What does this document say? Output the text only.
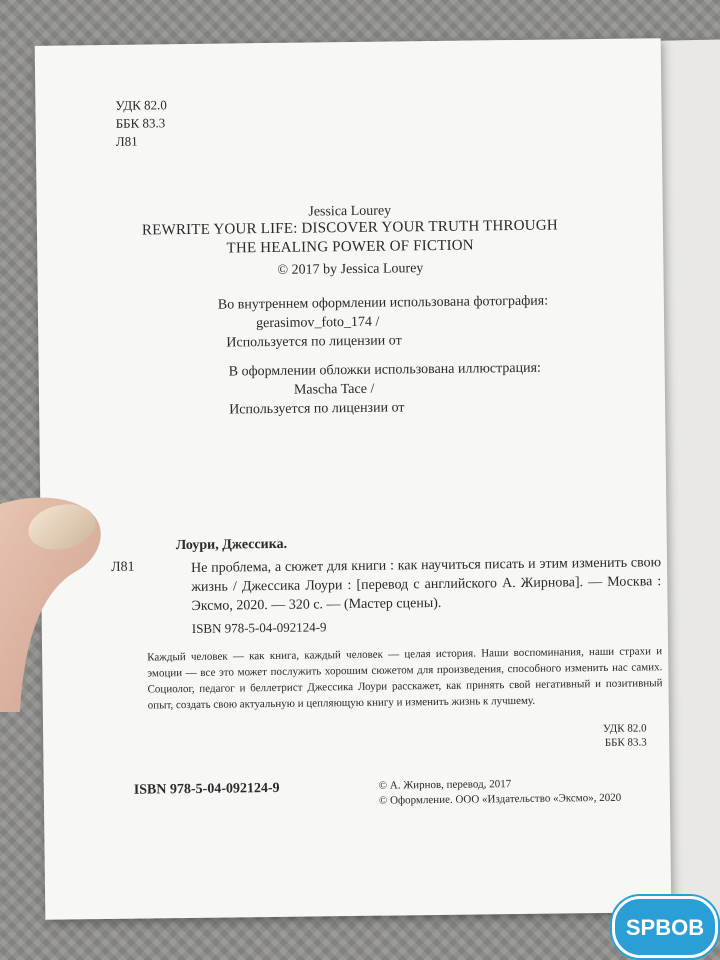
УДК 82.0
ББК 83.3
Л81
Jessica Lourey
REWRITE YOUR LIFE: DISCOVER YOUR TRUTH THROUGH
THE HEALING POWER OF FICTION
© 2017 by Jessica Lourey
Во внутреннем оформлении использована фотография:
gerasimov_foto_174 /
Используется по лицензии от
В оформлении обложки использована иллюстрация:
Mascha Tace /
Используется по лицензии от
Лоури, Джессика.
Л81	Не проблема, а сюжет для книги : как научиться писать и этим изменить свою жизнь / Джессика Лоури : [перевод с английского А. Жирнова]. — Москва : Эксмо, 2020. — 320 с. — (Мастер сцены).
ISBN 978-5-04-092124-9
Каждый человек — как книга, каждый человек — целая история. Наши воспоминания, наши страхи и эмоции — все это может послужить хорошим сюжетом для произведения, способного изменить нас самих. Социолог, педагог и беллетрист Джессика Лоури расскажет, как принять свой негативный и позитивный опыт, создать свою актуальную и цепляющую книгу и изменить жизнь к лучшему.
УДК 82.0
ББК 83.3
ISBN 978-5-04-092124-9	© А. Жирнов, перевод, 2017
© Оформление. ООО «Издательство «Эксмо», 2020
SPBOB
